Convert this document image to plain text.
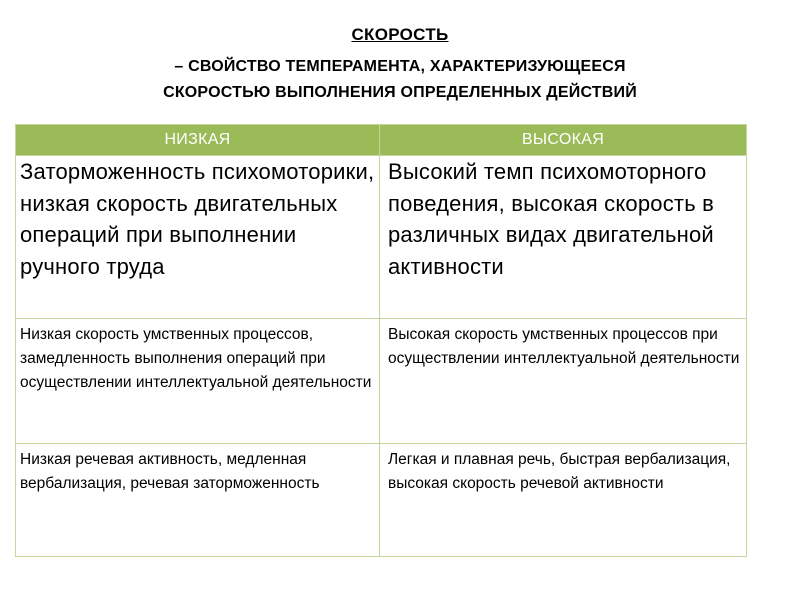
СКОРОСТЬ
– СВОЙСТВО ТЕМПЕРАМЕНТА, ХАРАКТЕРИЗУЮЩЕЕСЯ
СКОРОСТЬЮ ВЫПОЛНЕНИЯ ОПРЕДЕЛЕННЫХ ДЕЙСТВИЙ
НИЗКАЯ	ВЫСОКАЯ

Заторможенность психомоторики, низкая скорость двигательных операций при выполнении ручного труда	Высокий темп психомоторного поведения, высокая скорость в различных видах двигательной активности

Низкая скорость умственных процессов, замедленность выполнения операций при осуществлении интеллектуальной деятельности	Высокая скорость умственных процессов при осуществлении интеллектуальной деятельности

Низкая речевая активность, медленная вербализация, речевая заторможенность	Легкая и плавная речь, быстрая вербализация, высокая скорость речевой активности
